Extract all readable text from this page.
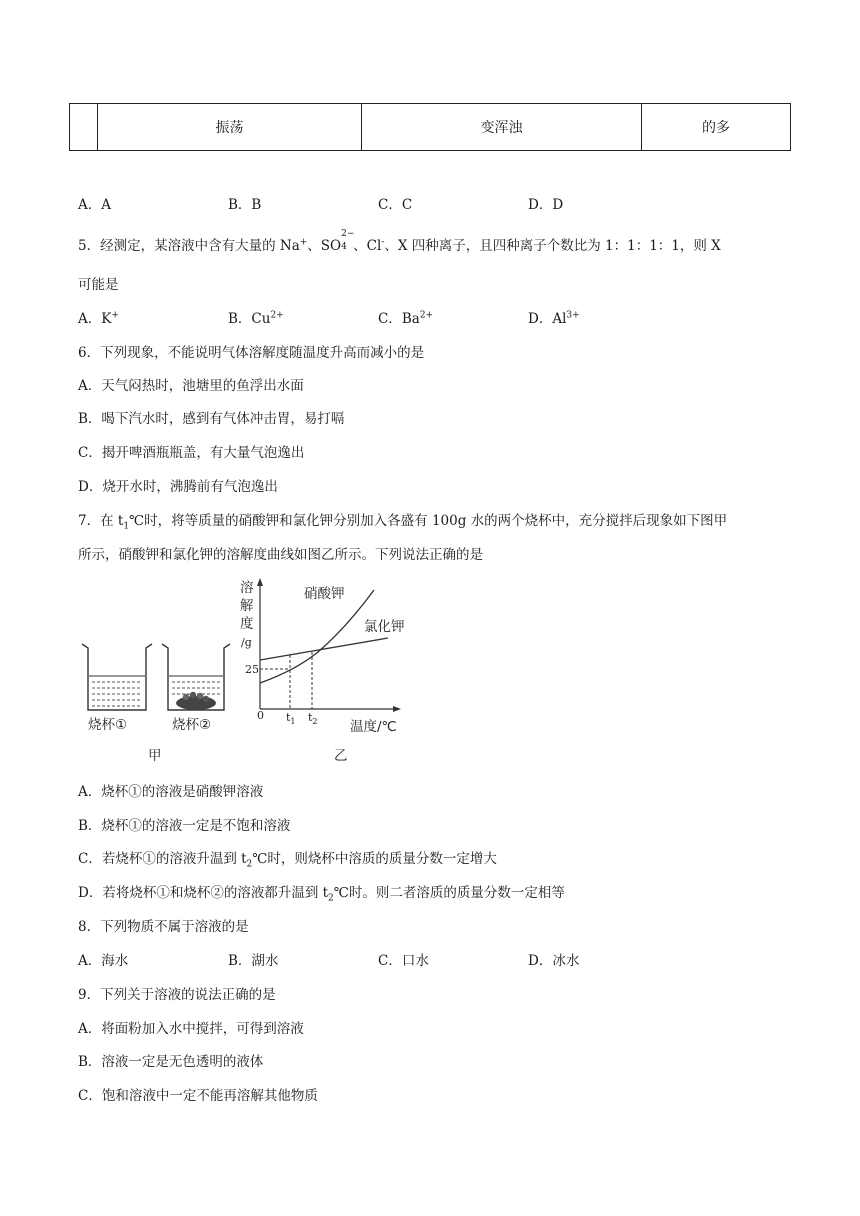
	振荡	变浑浊	的多
A．A	B．B	C．C	D．D
5．经测定，某溶液中含有大量的 Na+、SO
2−
4 、Cl-、X 四种离子，且四种离子个数比为 1：1：1：1，则 X
可能是
A．K+	B．$Cu^{2+}$	C．$Ba^{2+}$	D．$Al^{3+}$
6．下列现象，不能说明气体溶解度随温度升高而减小的是
A．天气闷热时，池塘里的鱼浮出水面
B．喝下汽水时，感到有气体冲击胃，易打嗝
C．揭开啤酒瓶瓶盖，有大量气泡逸出
D．烧开水时，沸腾前有气泡逸出
7．在 $t_1℃$时，将等质量的硝酸钾和氯化钾分别加入各盛有 100g 水的两个烧杯中，充分搅拌后现象如下图甲
所示，硝酸钾和氯化钾的溶解度曲线如图乙所示。下列说法正确的是
烧杯①	烧杯②
甲
溶
解
度
/g
25
0 $t_1$ $t_2$ 温度/℃
硝酸钾
氯化钾
乙
A．烧杯①的溶液是硝酸钾溶液
B．烧杯①的溶液一定是不饱和溶液
C．若烧杯①的溶液升温到 $t_2℃$时，则烧杯中溶质的质量分数一定增大
D．若将烧杯①和烧杯②的溶液都升温到 $t_2℃$时。则二者溶质的质量分数一定相等
8．下列物质不属于溶液的是
A．海水	B．湖水	C．口水	D．冰水
9．下列关于溶液的说法正确的是
A．将面粉加入水中搅拌，可得到溶液
B．溶液一定是无色透明的液体
C．饱和溶液中一定不能再溶解其他物质
